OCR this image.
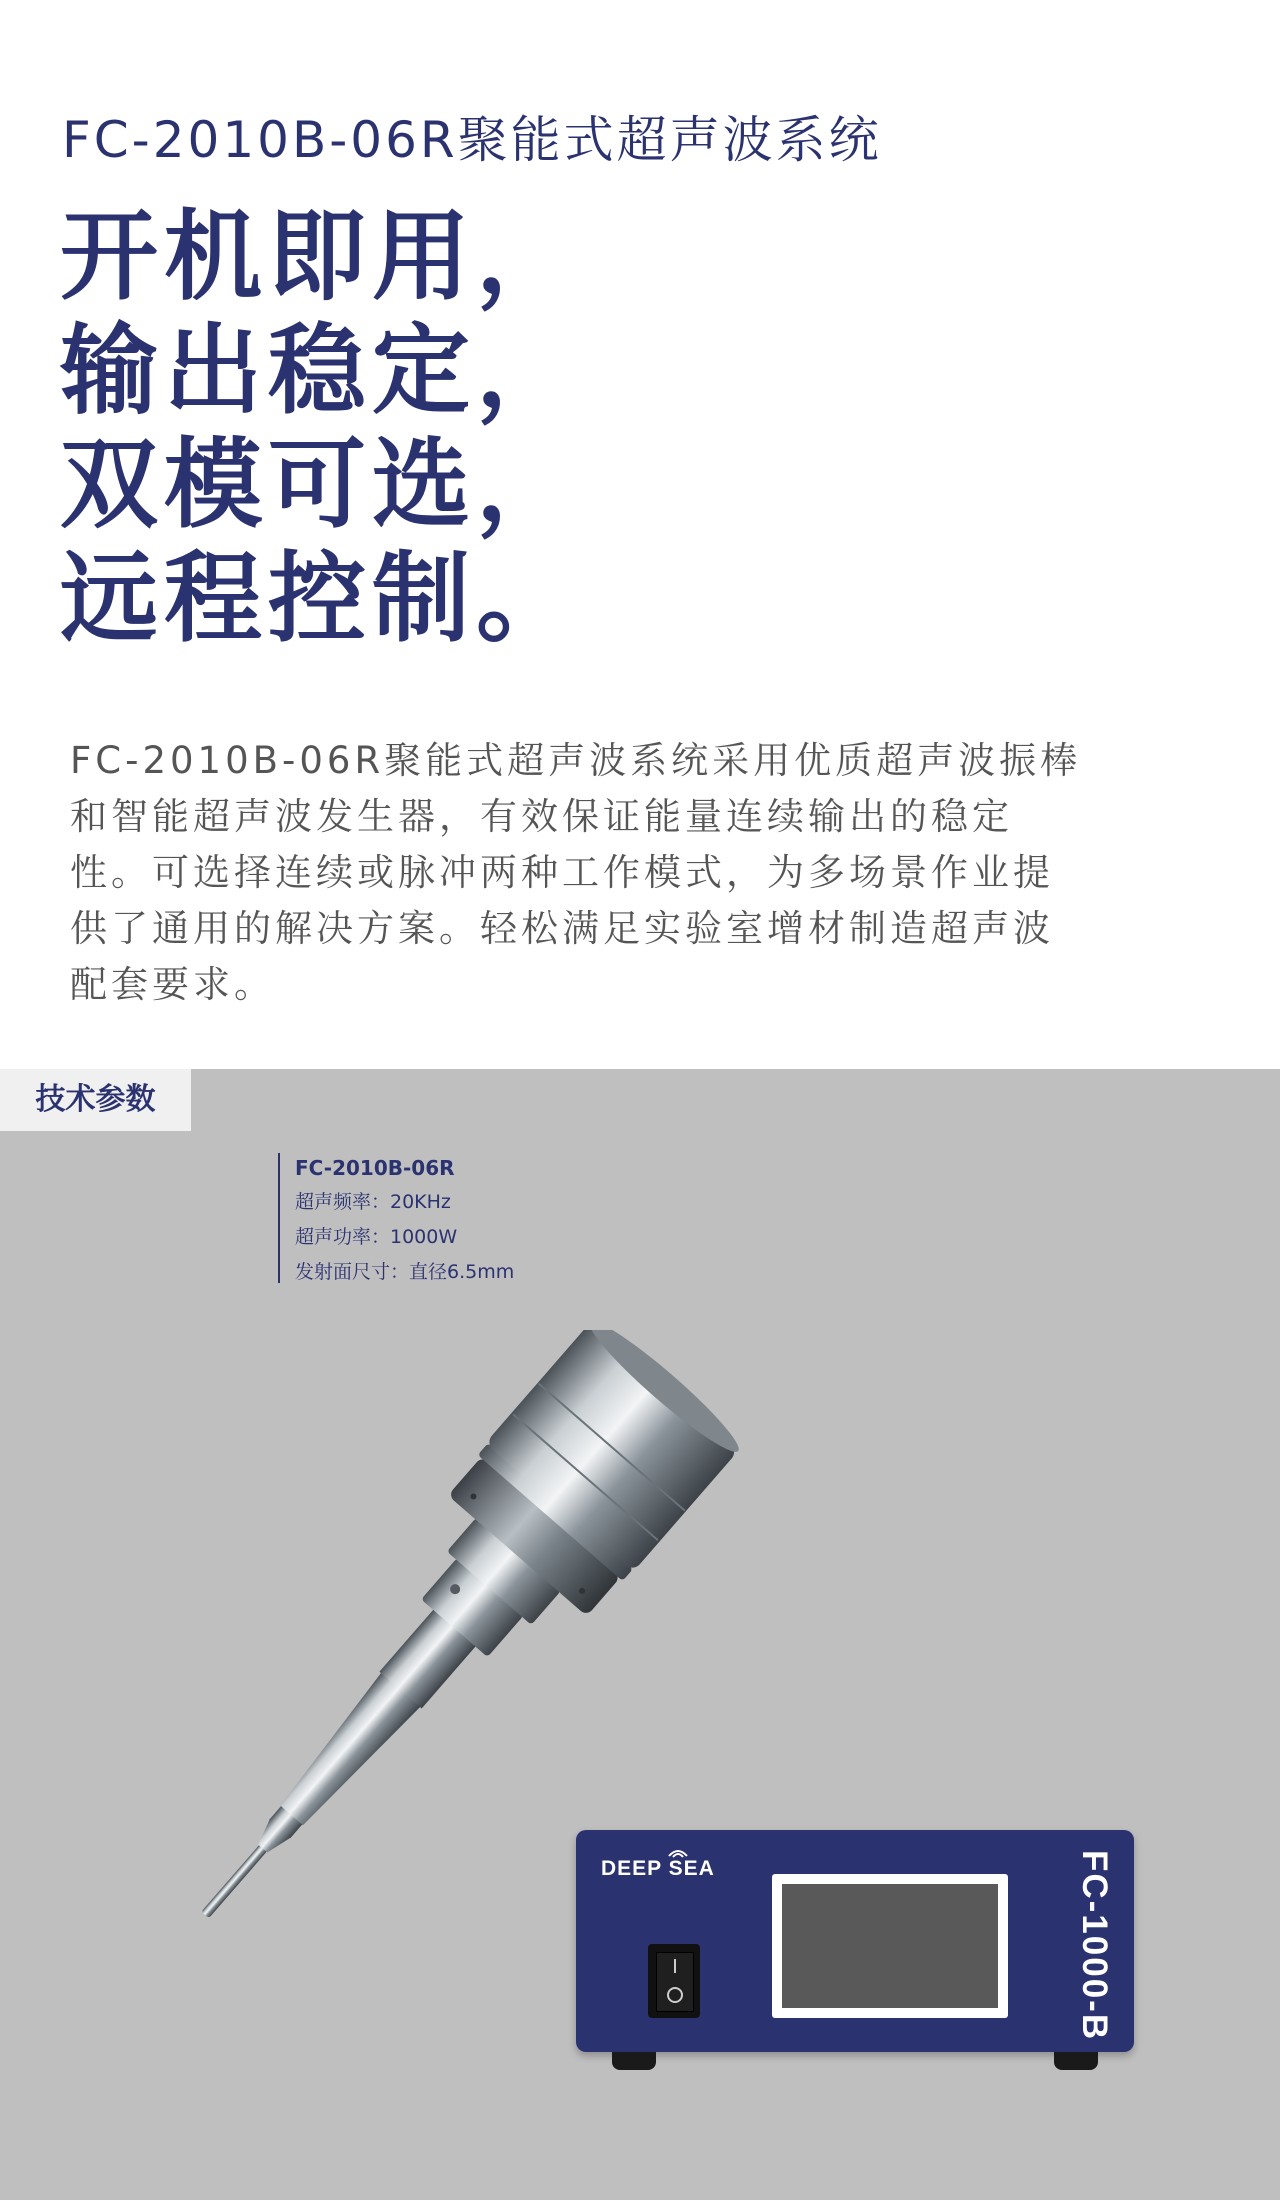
FC-2010B-06R聚能式超声波系统
开机即用，
输出稳定，
双模可选，
远程控制。
FC-2010B-06R聚能式超声波系统采用优质超声波振棒
和智能超声波发生器，有效保证能量连续输出的稳定
性。可选择连续或脉冲两种工作模式，为多场景作业提
供了通用的解决方案。轻松满足实验室增材制造超声波
配套要求。
技术参数
FC-2010B-06R
超声频率：20KHz
超声功率：1000W
发射面尺寸：直径6.5mm
DEEP SEA	FC-1000-B
